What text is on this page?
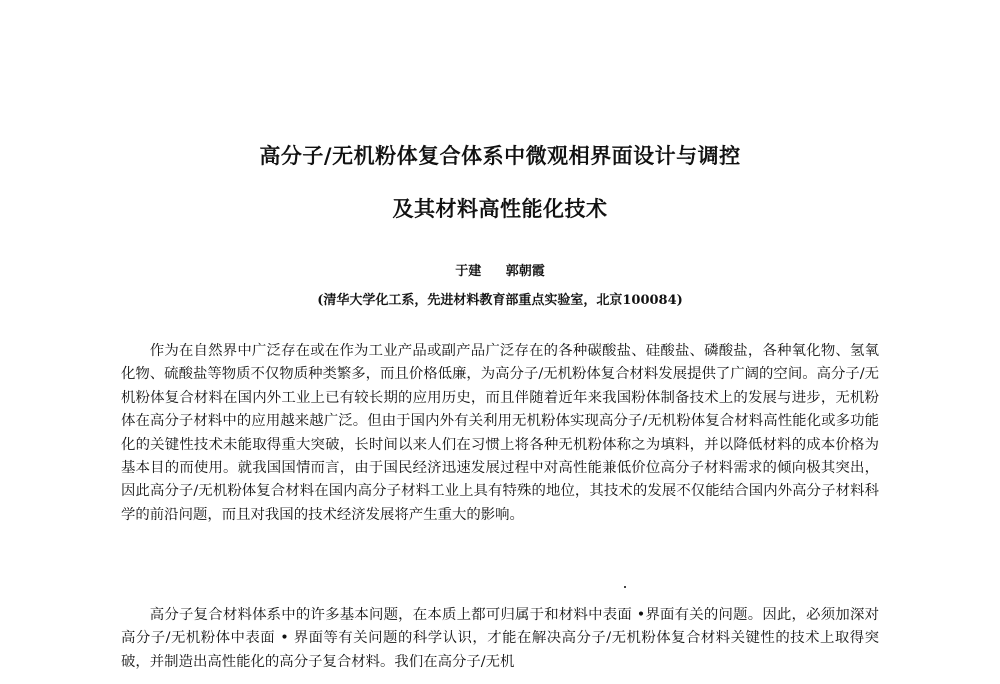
高分子/无机粉体复合体系中微观相界面设计与调控
及其材料高性能化技术
于建 郭朝霞
(清华大学化工系，先进材料教育部重点实验室，北京100084)

作为在自然界中广泛存在或在作为工业产品或副产品广泛存在的各种碳酸盐、硅酸盐、磷酸盐，各种氧化物、氢氧化物、硫酸盐等物质不仅物质种类繁多，而且价格低廉，为高分子/无机粉体复合材料发展提供了广阔的空间。高分子/无机粉体复合材料在国内外工业上已有较长期的应用历史，而且伴随着近年来我国粉体制备技术上的发展与进步，无机粉体在高分子材料中的应用越来越广泛。但由于国内外有关利用无机粉体实现高分子/无机粉体复合材料高性能化或多功能化的关键性技术未能取得重大突破，长时间以来人们在习惯上将各种无机粉体称之为填料，并以降低材料的成本价格为基本目的而使用。就我国国情而言，由于国民经济迅速发展过程中对高性能兼低价位高分子材料需求的倾向极其突出，因此高分子/无机粉体复合材料在国内高分子材料工业上具有特殊的地位，其技术的发展不仅能结合国内外高分子材料科学的前沿问题，而且对我国的技术经济发展将产生重大的影响。

高分子复合材料体系中的许多基本问题，在本质上都可归属于和材料中表面 •界面有关的问题。因此，必须加深对高分子/无机粉体中表面 • 界面等有关问题的科学认识，才能在解决高分子/无机粉体复合材料关键性的技术上取得突破，并制造出高性能化的高分子复合材料。我们在高分子/无机
